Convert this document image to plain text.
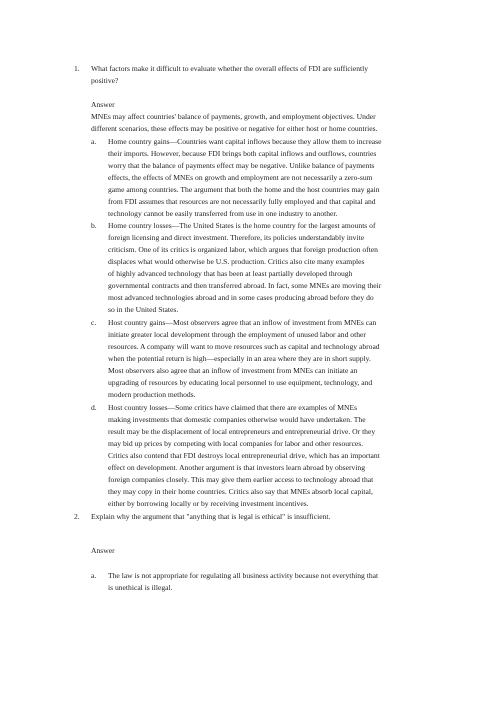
1. What factors make it difficult to evaluate whether the overall effects of FDI are sufficiently
positive?
Answer
MNEs may affect countries' balance of payments, growth, and employment objectives. Under
different scenarios, these effects may be positive or negative for either host or home countries.
a. Home country gains—Countries want capital inflows because they allow them to increase
their imports. However, because FDI brings both capital inflows and outflows, countries
worry that the balance of payments effect may be negative. Unlike balance of payments
effects, the effects of MNEs on growth and employment are not necessarily a zero-sum
game among countries. The argument that both the home and the host countries may gain
from FDI assumes that resources are not necessarily fully employed and that capital and
technology cannot be easily transferred from use in one industry to another.
b. Home country losses—The United States is the home country for the largest amounts of
foreign licensing and direct investment. Therefore, its policies understandably invite
criticism. One of its critics is organized labor, which argues that foreign production often
displaces what would otherwise be U.S. production. Critics also cite many examples
of highly advanced technology that has been at least partially developed through
governmental contracts and then transferred abroad. In fact, some MNEs are moving their
most advanced technologies abroad and in some cases producing abroad before they do
so in the United States.
c. Host country gains—Most observers agree that an inflow of investment from MNEs can
initiate greater local development through the employment of unused labor and other
resources. A company will want to move resources such as capital and technology abroad
when the potential return is high—especially in an area where they are in short supply.
Most observers also agree that an inflow of investment from MNEs can initiate an
upgrading of resources by educating local personnel to use equipment, technology, and
modern production methods.
d. Host country losses—Some critics have claimed that there are examples of MNEs
making investments that domestic companies otherwise would have undertaken. The
result may be the displacement of local entrepreneurs and entrepreneurial drive. Or they
may bid up prices by competing with local companies for labor and other resources.
Critics also contend that FDI destroys local entrepreneurial drive, which has an important
effect on development. Another argument is that investors learn abroad by observing
foreign companies closely. This may give them earlier access to technology abroad that
they may copy in their home countries. Critics also say that MNEs absorb local capital,
either by borrowing locally or by receiving investment incentives.
2. Explain why the argument that "anything that is legal is ethical" is insufficient.
Answer
a. The law is not appropriate for regulating all business activity because not everything that
is unethical is illegal.
